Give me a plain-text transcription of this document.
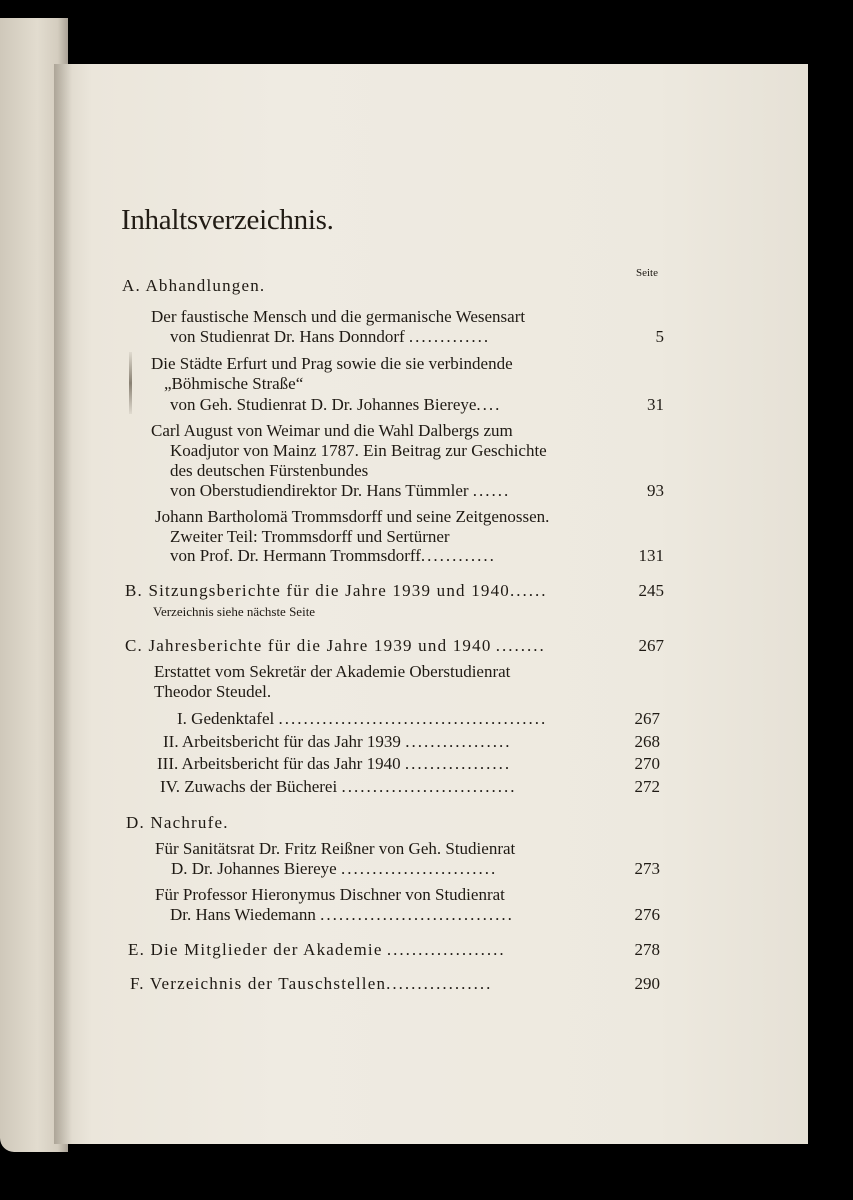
Inhaltsverzeichnis.
Seite
A. Abhandlungen.
Der faustische Mensch und die germanische Wesensart
von Studienrat Dr. Hans Donndorf .............	5
Die Städte Erfurt und Prag sowie die sie verbindende
„Böhmische Straße“
von Geh. Studienrat D. Dr. Johannes Biereye....	31
Carl August von Weimar und die Wahl Dalbergs zum
Koadjutor von Mainz 1787. Ein Beitrag zur Geschichte
des deutschen Fürstenbundes
von Oberstudiendirektor Dr. Hans Tümmler ......	93
Johann Bartholomä Trommsdorff und seine Zeitgenossen.
Zweiter Teil: Trommsdorff und Sertürner
von Prof. Dr. Hermann Trommsdorff............	131
B. Sitzungsberichte für die Jahre 1939 und 1940......	245
Verzeichnis siehe nächste Seite
C. Jahresberichte für die Jahre 1939 und 1940 ........	267
Erstattet vom Sekretär der Akademie Oberstudienrat
Theodor Steudel.
I. Gedenktafel ...........................................	267
II. Arbeitsbericht für das Jahr 1939 .................	268
III. Arbeitsbericht für das Jahr 1940 .................	270
IV. Zuwachs der Bücherei ............................	272
D. Nachrufe.
Für Sanitätsrat Dr. Fritz Reißner von Geh. Studienrat
D. Dr. Johannes Biereye .........................	273
Für Professor Hieronymus Dischner von Studienrat
Dr. Hans Wiedemann ...............................	276
E. Die Mitglieder der Akademie ...................	278
F. Verzeichnis der Tauschstellen.................	290
